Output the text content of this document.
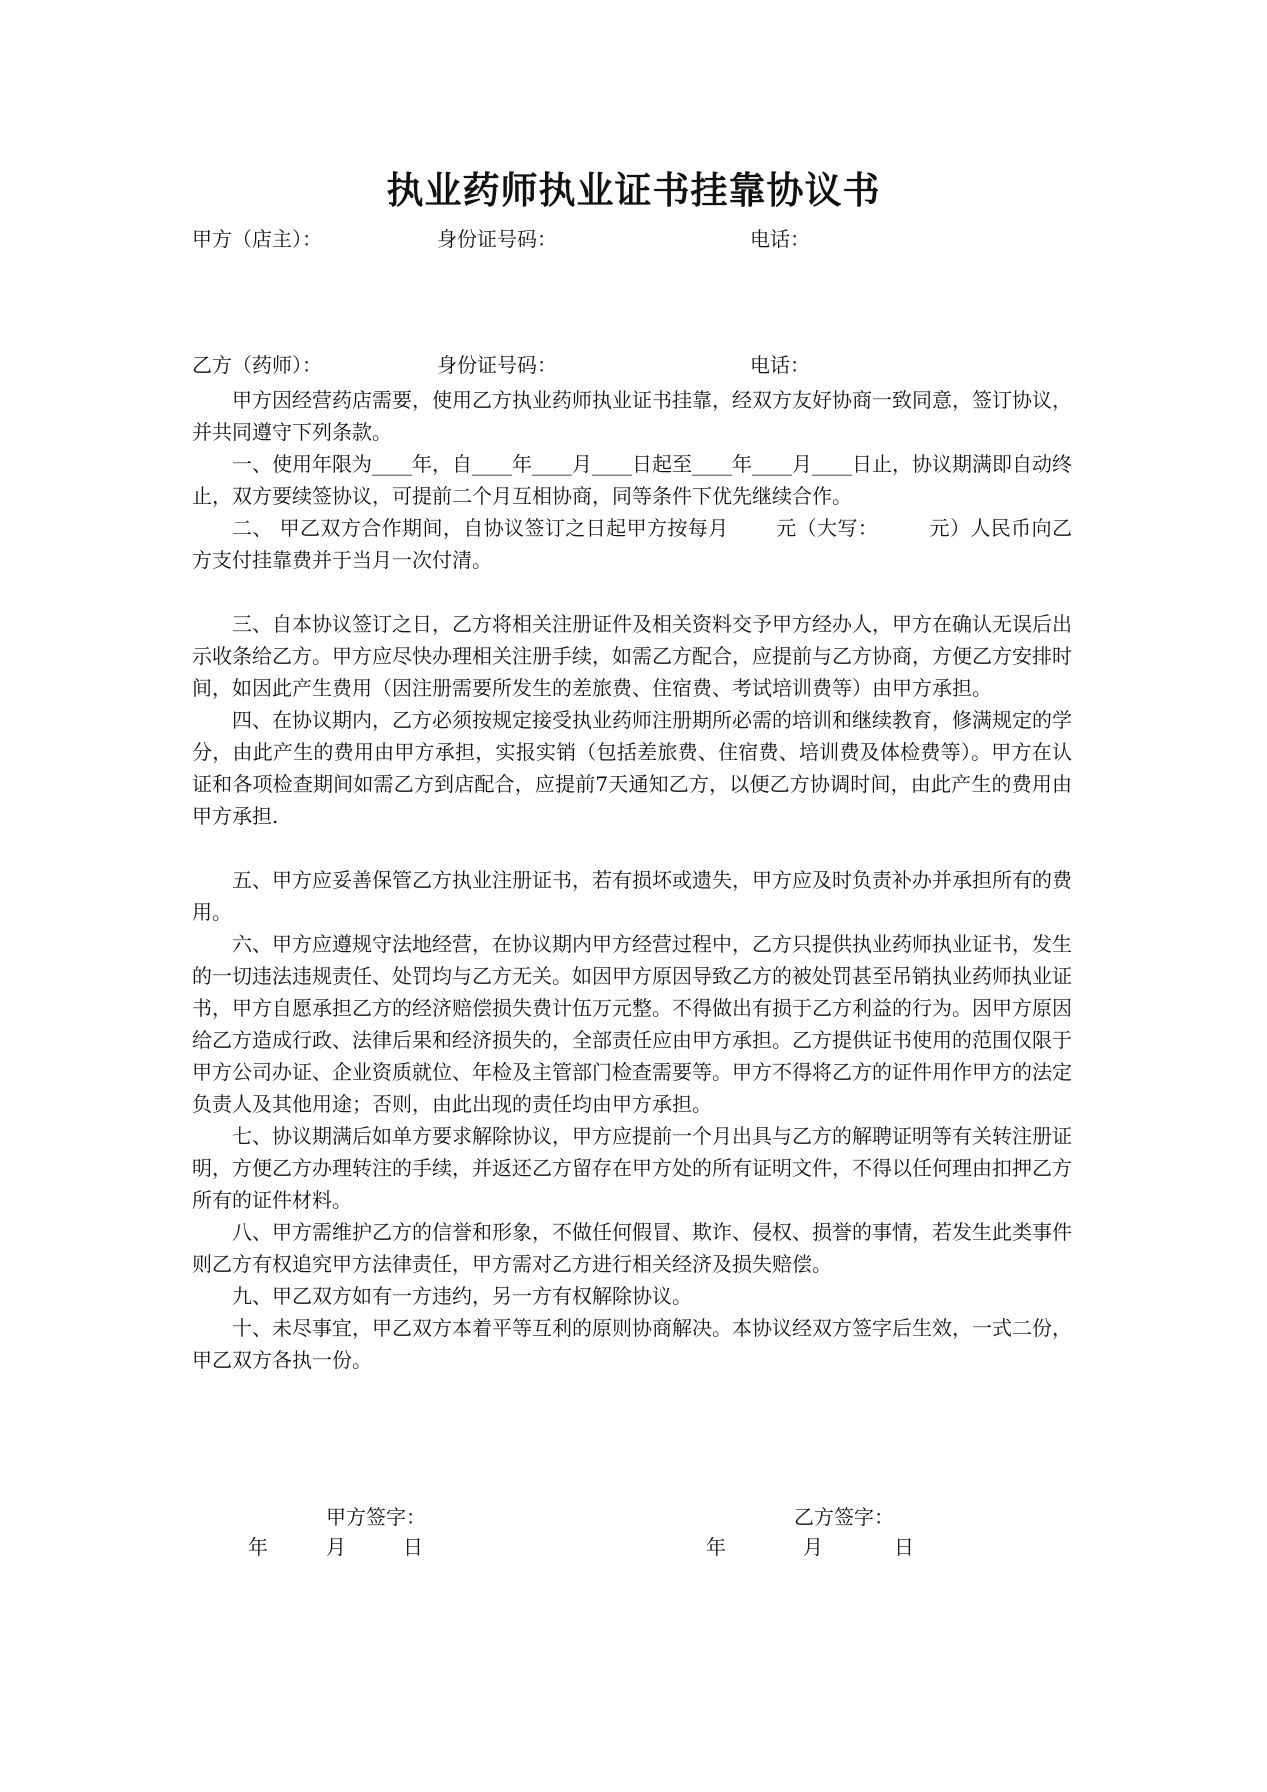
执业药师执业证书挂靠协议书
甲方（店主）：	身份证号码：	电话：
乙方（药师）：	身份证号码：	电话：

甲方因经营药店需要，使用乙方执业药师执业证书挂靠，经双方友好协商一致同意，签订协议，并共同遵守下列条款。

一、使用年限为____年，自____年____月____日起至____年____月____日止，协议期满即自动终止，双方要续签协议，可提前二个月互相协商，同等条件下优先继续合作。

二、 甲乙双方合作期间，自协议签订之日起甲方按每月　　 元（大写：　　　元）人民币向乙方支付挂靠费并于当月一次付清。

三、自本协议签订之日，乙方将相关注册证件及相关资料交予甲方经办人，甲方在确认无误后出示收条给乙方。甲方应尽快办理相关注册手续，如需乙方配合，应提前与乙方协商，方便乙方安排时间，如因此产生费用（因注册需要所发生的差旅费、住宿费、考试培训费等）由甲方承担。

四、在协议期内，乙方必须按规定接受执业药师注册期所必需的培训和继续教育，修满规定的学分，由此产生的费用由甲方承担，实报实销（包括差旅费、住宿费、培训费及体检费等）。甲方在认证和各项检查期间如需乙方到店配合，应提前7天通知乙方，以便乙方协调时间，由此产生的费用由甲方承担.

五、甲方应妥善保管乙方执业注册证书，若有损坏或遗失，甲方应及时负责补办并承担所有的费用。

六、甲方应遵规守法地经营，在协议期内甲方经营过程中，乙方只提供执业药师执业证书，发生的一切违法违规责任、处罚均与乙方无关。如因甲方原因导致乙方的被处罚甚至吊销执业药师执业证书，甲方自愿承担乙方的经济赔偿损失费计伍万元整。不得做出有损于乙方利益的行为。因甲方原因给乙方造成行政、法律后果和经济损失的，全部责任应由甲方承担。乙方提供证书使用的范围仅限于甲方公司办证、企业资质就位、年检及主管部门检查需要等。甲方不得将乙方的证件用作甲方的法定负责人及其他用途；否则，由此出现的责任均由甲方承担。

七、协议期满后如单方要求解除协议，甲方应提前一个月出具与乙方的解聘证明等有关转注册证明，方便乙方办理转注的手续，并返还乙方留存在甲方处的所有证明文件，不得以任何理由扣押乙方所有的证件材料。

八、甲方需维护乙方的信誉和形象，不做任何假冒、欺诈、侵权、损誉的事情，若发生此类事件则乙方有权追究甲方法律责任，甲方需对乙方进行相关经济及损失赔偿。

九、甲乙双方如有一方违约，另一方有权解除协议。

十、未尽事宜，甲乙双方本着平等互利的原则协商解决。本协议经双方签字后生效，一式二份，甲乙双方各执一份。

甲方签字：	乙方签字：
年	月	日	年	月	日
